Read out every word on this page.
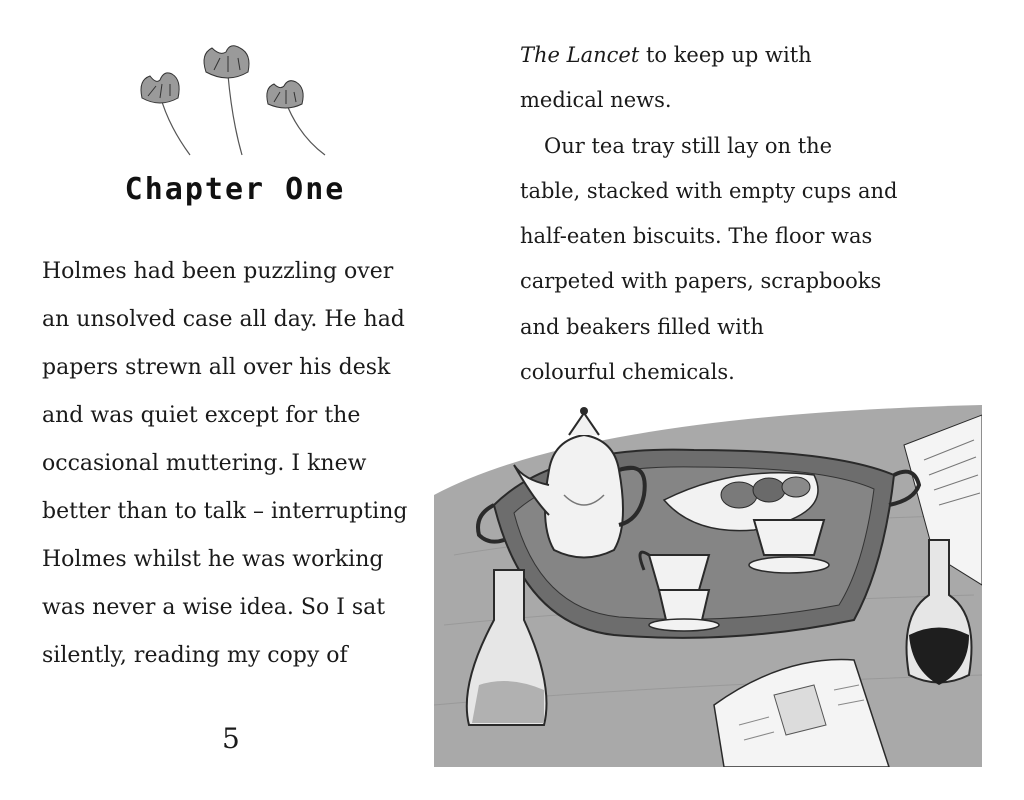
Chapter One
Holmes had been puzzling over
an unsolved case all day. He had
papers strewn all over his desk
and was quiet except for the
occasional muttering. I knew
better than to talk – interrupting
Holmes whilst he was working
was never a wise idea. So I sat
silently, reading my copy of
5
The Lancet to keep up with
medical news.
Our tea tray still lay on the
table, stacked with empty cups and
half-eaten biscuits. The floor was
carpeted with papers, scrapbooks
and beakers filled with
colourful chemicals.
